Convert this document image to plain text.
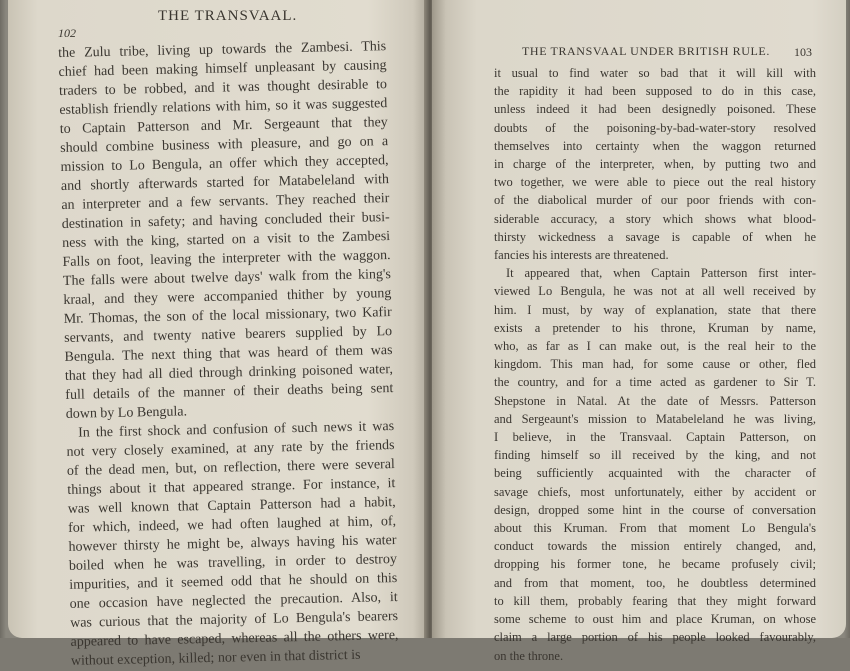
102
THE TRANSVAAL.
the Zulu tribe, living up towards the Zambesi. This
chief had been making himself unpleasant by causing
traders to be robbed, and it was thought desirable to
establish friendly relations with him, so it was suggested
to Captain Patterson and Mr. Sergeaunt that they
should combine business with pleasure, and go on a
mission to Lo Bengula, an offer which they accepted,
and shortly afterwards started for Matabeleland with
an interpreter and a few servants. They reached their
destination in safety; and having concluded their busi-
ness with the king, started on a visit to the Zambesi
Falls on foot, leaving the interpreter with the waggon.
The falls were about twelve days' walk from the king's
kraal, and they were accompanied thither by young
Mr. Thomas, the son of the local missionary, two Kafir
servants, and twenty native bearers supplied by Lo
Bengula. The next thing that was heard of them was
that they had all died through drinking poisoned water,
full details of the manner of their deaths being sent
down by Lo Bengula.
In the first shock and confusion of such news it was
not very closely examined, at any rate by the friends
of the dead men, but, on reflection, there were several
things about it that appeared strange. For instance, it
was well known that Captain Patterson had a habit,
for which, indeed, we had often laughed at him, of,
however thirsty he might be, always having his water
boiled when he was travelling, in order to destroy
impurities, and it seemed odd that he should on this
one occasion have neglected the precaution. Also, it
was curious that the majority of Lo Bengula's bearers
appeared to have escaped, whereas all the others were,
without exception, killed; nor even in that district is
THE TRANSVAAL UNDER BRITISH RULE. 103
it usual to find water so bad that it will kill with
the rapidity it had been supposed to do in this case,
unless indeed it had been designedly poisoned. These
doubts of the poisoning-by-bad-water-story resolved
themselves into certainty when the waggon returned
in charge of the interpreter, when, by putting two and
two together, we were able to piece out the real history
of the diabolical murder of our poor friends with con-
siderable accuracy, a story which shows what blood-
thirsty wickedness a savage is capable of when he
fancies his interests are threatened.
It appeared that, when Captain Patterson first inter-
viewed Lo Bengula, he was not at all well received by
him. I must, by way of explanation, state that there
exists a pretender to his throne, Kruman by name,
who, as far as I can make out, is the real heir to the
kingdom. This man had, for some cause or other, fled
the country, and for a time acted as gardener to Sir T.
Shepstone in Natal. At the date of Messrs. Patterson
and Sergeaunt's mission to Matabeleland he was living,
I believe, in the Transvaal. Captain Patterson, on
finding himself so ill received by the king, and not
being sufficiently acquainted with the character of
savage chiefs, most unfortunately, either by accident or
design, dropped some hint in the course of conversation
about this Kruman. From that moment Lo Bengula's
conduct towards the mission entirely changed, and,
dropping his former tone, he became profusely civil;
and from that moment, too, he doubtless determined
to kill them, probably fearing that they might forward
some scheme to oust him and place Kruman, on whose
claim a large portion of his people looked favourably,
on the throne.
